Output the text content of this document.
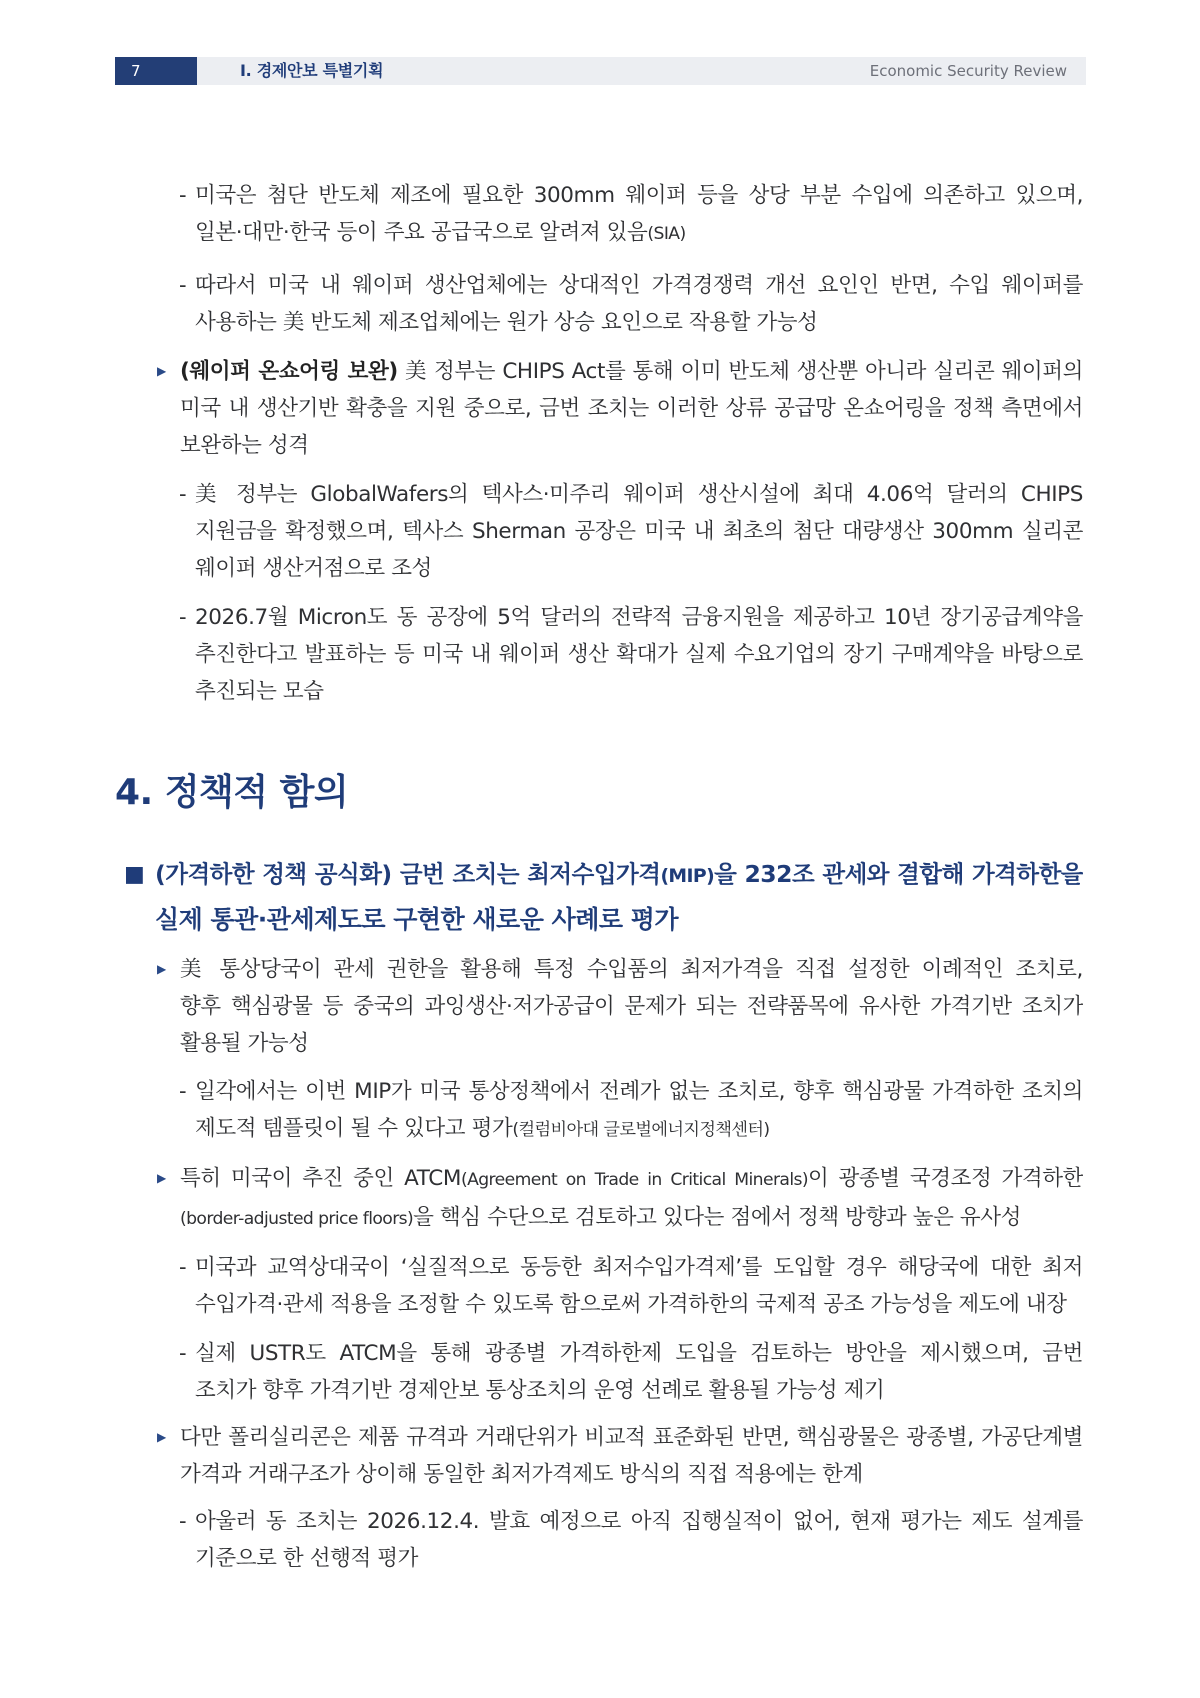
7	Ⅰ. 경제안보 특별기획	Economic Security Review
- 미국은 첨단 반도체 제조에 필요한 300mm 웨이퍼 등을 상당 부분 수입에 의존하고 있으며,
일본·대만·한국 등이 주요 공급국으로 알려져 있음(SIA)
- 따라서 미국 내 웨이퍼 생산업체에는 상대적인 가격경쟁력 개선 요인인 반면, 수입 웨이퍼를
사용하는 美 반도체 제조업체에는 원가 상승 요인으로 작용할 가능성
▶ (웨이퍼 온쇼어링 보완) 美 정부는 CHIPS Act를 통해 이미 반도체 생산뿐 아니라 실리콘 웨이퍼의
미국 내 생산기반 확충을 지원 중으로, 금번 조치는 이러한 상류 공급망 온쇼어링을 정책 측면에서
보완하는 성격
- 美 정부는 GlobalWafers의 텍사스·미주리 웨이퍼 생산시설에 최대 4.06억 달러의 CHIPS
지원금을 확정했으며, 텍사스 Sherman 공장은 미국 내 최초의 첨단 대량생산 300mm 실리콘
웨이퍼 생산거점으로 조성
- 2026.7월 Micron도 동 공장에 5억 달러의 전략적 금융지원을 제공하고 10년 장기공급계약을
추진한다고 발표하는 등 미국 내 웨이퍼 생산 확대가 실제 수요기업의 장기 구매계약을 바탕으로
추진되는 모습
4. 정책적 함의
■ (가격하한 정책 공식화) 금번 조치는 최저수입가격(MIP)을 232조 관세와 결합해 가격하한을
실제 통관·관세제도로 구현한 새로운 사례로 평가
▶ 美 통상당국이 관세 권한을 활용해 특정 수입품의 최저가격을 직접 설정한 이례적인 조치로,
향후 핵심광물 등 중국의 과잉생산·저가공급이 문제가 되는 전략품목에 유사한 가격기반 조치가
활용될 가능성
- 일각에서는 이번 MIP가 미국 통상정책에서 전례가 없는 조치로, 향후 핵심광물 가격하한 조치의
제도적 템플릿이 될 수 있다고 평가(컬럼비아대 글로벌에너지정책센터)
▶ 특히 미국이 추진 중인 ATCM(Agreement on Trade in Critical Minerals)이 광종별 국경조정 가격하한
(border-adjusted price floors)을 핵심 수단으로 검토하고 있다는 점에서 정책 방향과 높은 유사성
- 미국과 교역상대국이 ‘실질적으로 동등한 최저수입가격제’를 도입할 경우 해당국에 대한 최저
수입가격·관세 적용을 조정할 수 있도록 함으로써 가격하한의 국제적 공조 가능성을 제도에 내장
- 실제 USTR도 ATCM을 통해 광종별 가격하한제 도입을 검토하는 방안을 제시했으며, 금번
조치가 향후 가격기반 경제안보 통상조치의 운영 선례로 활용될 가능성 제기
▶ 다만 폴리실리콘은 제품 규격과 거래단위가 비교적 표준화된 반면, 핵심광물은 광종별, 가공단계별
가격과 거래구조가 상이해 동일한 최저가격제도 방식의 직접 적용에는 한계
- 아울러 동 조치는 2026.12.4. 발효 예정으로 아직 집행실적이 없어, 현재 평가는 제도 설계를
기준으로 한 선행적 평가
